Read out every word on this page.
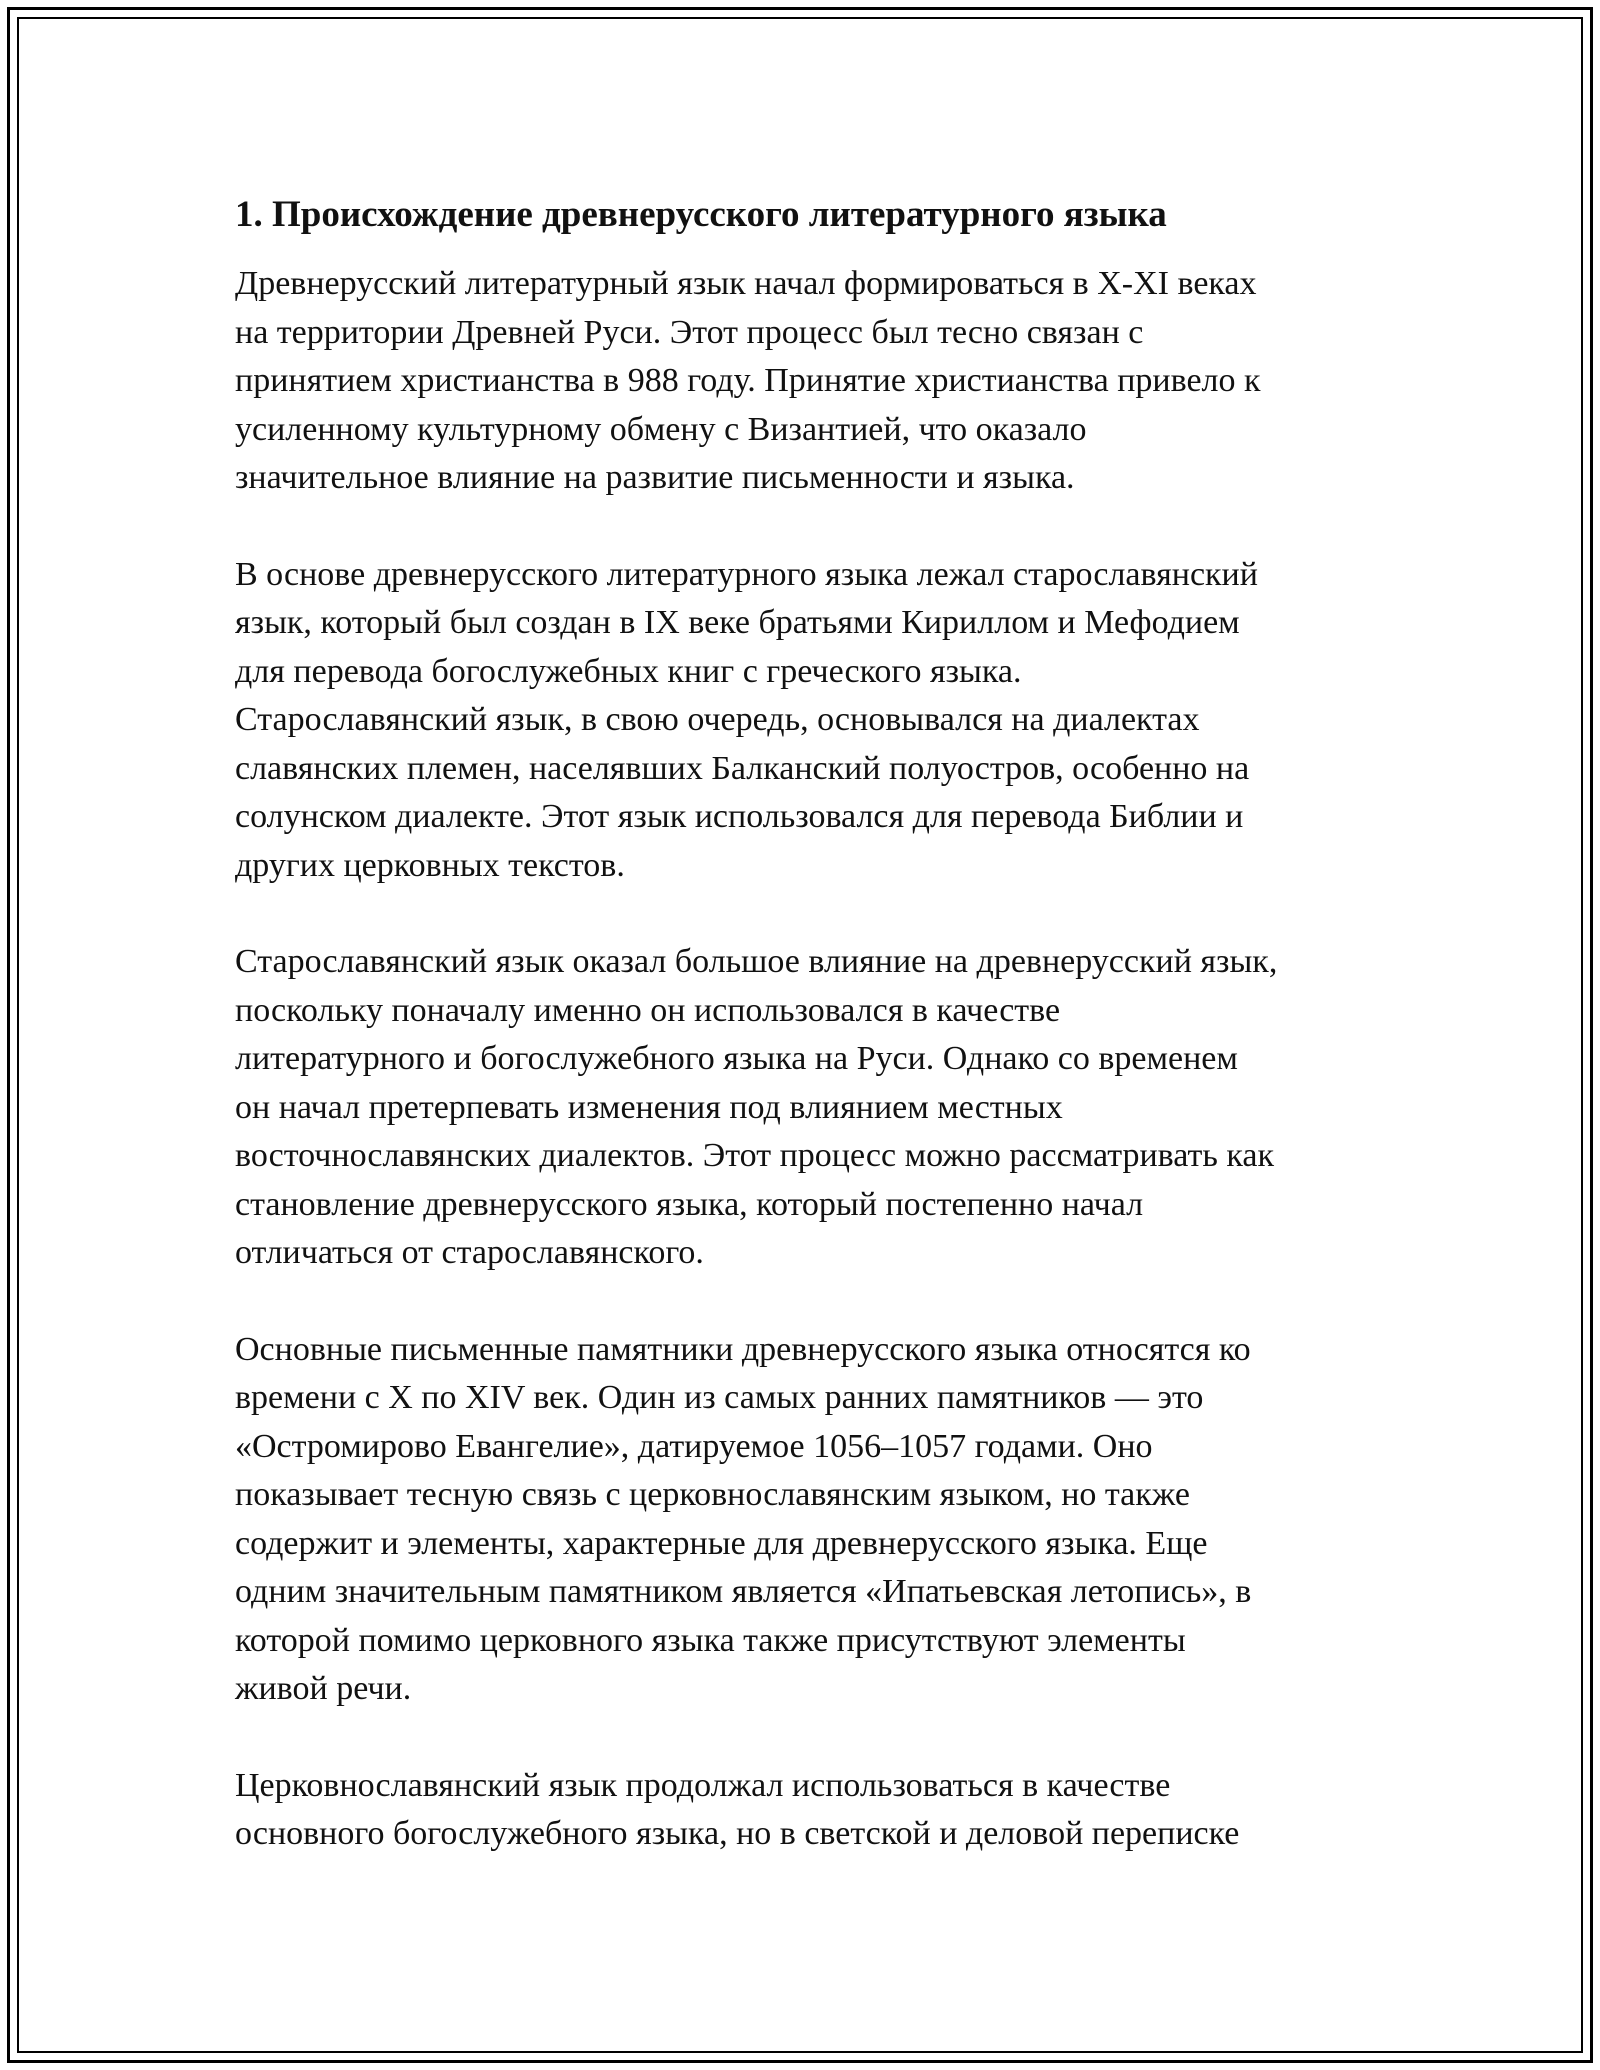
1. Происхождение древнерусского литературного языка

Древнерусский литературный язык начал формироваться в X-XI веках
на территории Древней Руси. Этот процесс был тесно связан с
принятием христианства в 988 году. Принятие христианства привело к
усиленному культурному обмену с Византией, что оказало
значительное влияние на развитие письменности и языка.

В основе древнерусского литературного языка лежал старославянский
язык, который был создан в IX веке братьями Кириллом и Мефодием
для перевода богослужебных книг с греческого языка.
Старославянский язык, в свою очередь, основывался на диалектах
славянских племен, населявших Балканский полуостров, особенно на
солунском диалекте. Этот язык использовался для перевода Библии и
других церковных текстов.

Старославянский язык оказал большое влияние на древнерусский язык,
поскольку поначалу именно он использовался в качестве
литературного и богослужебного языка на Руси. Однако со временем
он начал претерпевать изменения под влиянием местных
восточнославянских диалектов. Этот процесс можно рассматривать как
становление древнерусского языка, который постепенно начал
отличаться от старославянского.

Основные письменные памятники древнерусского языка относятся ко
времени с X по XIV век. Один из самых ранних памятников — это
«Остромирово Евангелие», датируемое 1056–1057 годами. Оно
показывает тесную связь с церковнославянским языком, но также
содержит и элементы, характерные для древнерусского языка. Еще
одним значительным памятником является «Ипатьевская летопись», в
которой помимо церковного языка также присутствуют элементы
живой речи.

Церковнославянский язык продолжал использоваться в качестве
основного богослужебного языка, но в светской и деловой переписке
